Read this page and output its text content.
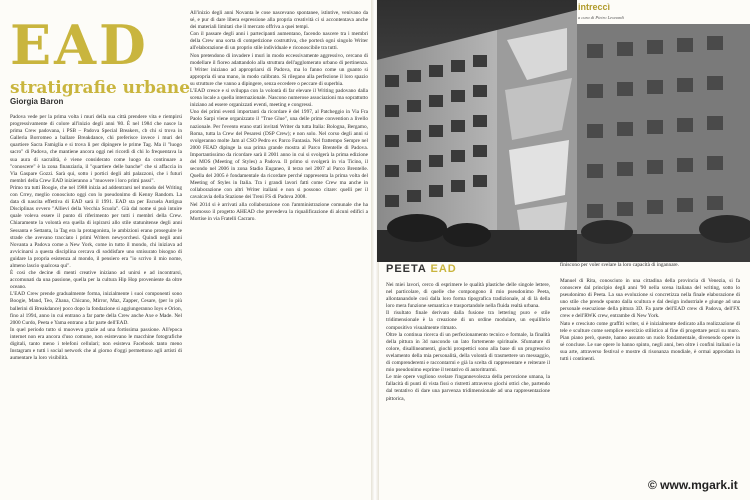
EAD
stratigrafie urbane
Giorgia Baron
Padova vede per la prima volta i muri della sua città prendere vita e riempirsi progressivamente di colore all'inizio degli anni '80. È nel 1984 che nasce la prima Crew padovana, i PSB – Padova Special Breakers, cb chi si trova in Galleria Borromeo a ballare Breakdance, chi preferisce invece i muri del quartiere Sacra Famiglia e si trova li per dipingere le prime Tag. Ma il "luogo sacro" di Padova, che mantiene ancora oggi nei ricordi di chi lo frequentava la sua aura di sacralità, è viene considerato come luogo da continuare a "conoscere" è la zona finanziaria, il "quartiere delle banche" che si affaccia in Via Gaspare Gozzi. Sarà qui, sotto i portici degli alti palazzoni, che i futuri membri della Crew EAD inizieranno a "muovere i loro primi passi".
Primo tra tutti Boogie, che nel 1988 inizia ad addentrarsi nel mondo del Writing con Crrey, meglio conosciuto oggi con lo pseudonimo di Kenny Random. La data di nascita effettiva di EAD sarà il 1991. EAD sta per Escuela Antigua Disciplinas ovvero "Allievi della Vecchia Scuola". Già dal nome si può intuire quale voleva essere il punto di riferimento per tutti i membri della Crew. Chiaramente la volontà era quella di ispirarsi allo stile statunitense degli anni Sessanta e Settanta, la Tag era la protagonista, le ambizioni erano proseguire le strade che avevano tracciato i primi Writers newyorchesi. Quindi negli anni Novanta a Padova come a New York, come in tutto il mondo, chi iniziava ad avvicinarsi a questa disciplina cercava di soddisfare uno smisurato bisogno di guidare la propria esistenza al mondo, il pensiero era "io scrivo il mio nome, almeno lascio qualcosa qui".
È così che decine di menti creative iniziano ad unirsi e ad incontrarsi, accomunati da una passione, quella per la cultura Hip Hop proveniente da oltre oceano.
L'EAD Crew prende gradualmente forma, inizialmente i suoi componenti sono Boogie, Mand, Teo, Zhana, Chicano, Mirror, Maz, Zapper, Cesare, (per lo più ballerini di Breakdance) poco dopo la fondazione si aggiungeranno Ioys e Orion, fino al 1994, anno in cui entrano a far parte della Crew anche Axe e Made. Nel 2000 Curdo, Peeta e Yama entrano a far parte dell'EAD.
In quel periodo tutto si muoveva grazie ad una fortissima passione. All'epoca internet non era ancora d'uso comune, non esistevano le macchine fotografiche digitali, tanto meno i telefoni cellulari; non esisteva Facebook tanto meno Instagram e tutti i social network che al giorno d'oggi permettono agli artisti di aumentare la loro visibilità.
All'inizio degli anni Novanta le cose nascevano spontanee, istintive, venivano da sé, e pur di dare libera espressione alla propria creatività ci si accontentava anche dei materiali limitati che il mercato offriva a quei tempi.
Con il passare degli anni i partecipanti aumentano, facendo nascere tra i membri della Crew una sorta di competizione costruttiva, che porterà ogni singolo Writer all'elaborazione di un proprio stile individuale e riconoscibile tra tutti.
Non pretendono di invadere i muri in modo eccessivamente aggressivo, cercano di modellare il fioreo adattandolo alla struttura dell'agglomerato urbano di pertinenza. I Writer iniziano ad appropriarsi di Padova, ma lo fanno come un guanto si appropria di una mano, in modo calibrato. Si rilegano alla perfezione il loro spazio su strutture che vanno a dipingere, senza eccedere o peccare di superbia.
L'EAD cresce e si sviluppa con la volontà di far elevare il Writing padovano dalla scena locale a quella internazionale. Nascono numerose associazioni ma soprattutto iniziano ad essere organizzati eventi, meeting e congressi.
Uno dei primi eventi importanti da ricordare è del 1997, al Patcheggio in Via Fra Paolo Sarpi viene organizzato il "True Glue", una delle prime convention a livello nazionale. Per l'evento erano stati invitati Writer da tutta Italia: Bologna, Bergamo, Roma, tutta la Crew del Pesaresi (DSP Crew); e non solo. Nel corso degli anni si svolgeranno molte Jam al CSO Pedro ex Parco Fantasia. Nel frattempo Sempre nel 2000 FEAD dipinge la sua prima grande mostra al Parco Brentelle di Padova. Importantissimo da ricordare sarà il 2001 anno in cui si svolgerà la prima edizione del MOS (Meeting of Styles) a Padova. Il primo si svolgerà in via Ticino, il secondo nel 2006 in zona Stadio Euganeo, il terzo nel 2007 al Parco Brentelle. Quella del 2005 è fondamentale da ricordare perché rappresenta la prima volta del Meeting of Styles in Italia. Tra i grandi lavori fatti come Crew ma anche in collaborazione con altri Writer italiani e non si possono citare: quelli per il cavalcavia della Stazione dei Treni FS di Padova 2008.
Nel 2014 si è arrivati alla collaborazione con l'amministrazione comunale che ha promosso il progetto AHEAD che prevedeva la riqualificazione di alcuni edifici a Mortise in via Fratelli Cacraro.
intreccì
a cura di Pietro Leonardi
PEETA EAD
Nei miei lavori, cerco di esprimere le qualità plastiche delle singole lettere, nel particolare, di quelle che compongono il mio pseudonimo Peeta, allontanandole così dalla loro forma tipografica tradizionale, al di là della loro mera funzione semantica e trasportandole nella fluida realtà urbana.
Il risultato finale derivato dalla fusione tra lettering puro e stile tridimensionale è la creazione di un ordine modulare, un equilibrio compositivo visualmente ritmato.
Oltre la continua ricerca di un perfezionamento tecnico e formale, la finalità della pittura in 3d nascondo un lato fortemente spirituale. Sfumature di colore, disallineamenti, giochi prospettici sono alla base di un progressivo svelamento della mia personalità, della volontà di trasmettere un messaggio, di comprenderemi e raccontarmi e già la scelta di rappresentare e reiterare il mio pseudonimo esprime il tentativo di autoritrarmi.
Le mie opere vogliono svelare l'ingannevolezza della percezione umana, la fallacità di punti di vista fissi o ristretti attraverso giochi ottici che, partendo dal tentativo di dare una parvenza tridimensionale ad una rappresentazione pittorica,
finiscono per voler svelare la loro capacità di ingannare.
Manuel di Rita, conosciuto in una cittadina della provincia di Venezia, si fa conoscere dal principio degli anni '90 nella scena italiana del writing, sotto lo pseudonimo di Peeta. La sua evoluzione si concretizza nella finale elaborazione di uno stile che prende spunto dalla scultura e dal design industriale e giunge ad una personale esecuzione della pittura 3D. Fa parte dell'EAD crew di Padova, dell'FX crew e dell'RWK crew, entrambe di New York.
Nato e cresciuto come graffiti writer, si è inizialmente dedicato alla realizzazione di tele e sculture come semplice esercizio stilistico al fine di progettare pezzi su muro. Pian piano però, queste, hanno assunto un ruolo fondamentale, divenendo opere in sé concluse. Le sue opere lo hanno spinto, negli anni, ben oltre i confini italiani e la sua arte, attraverso festival e mostre di risonanza mondiale, è ormai approdata in tutti i continenti.
© www.mgark.it
